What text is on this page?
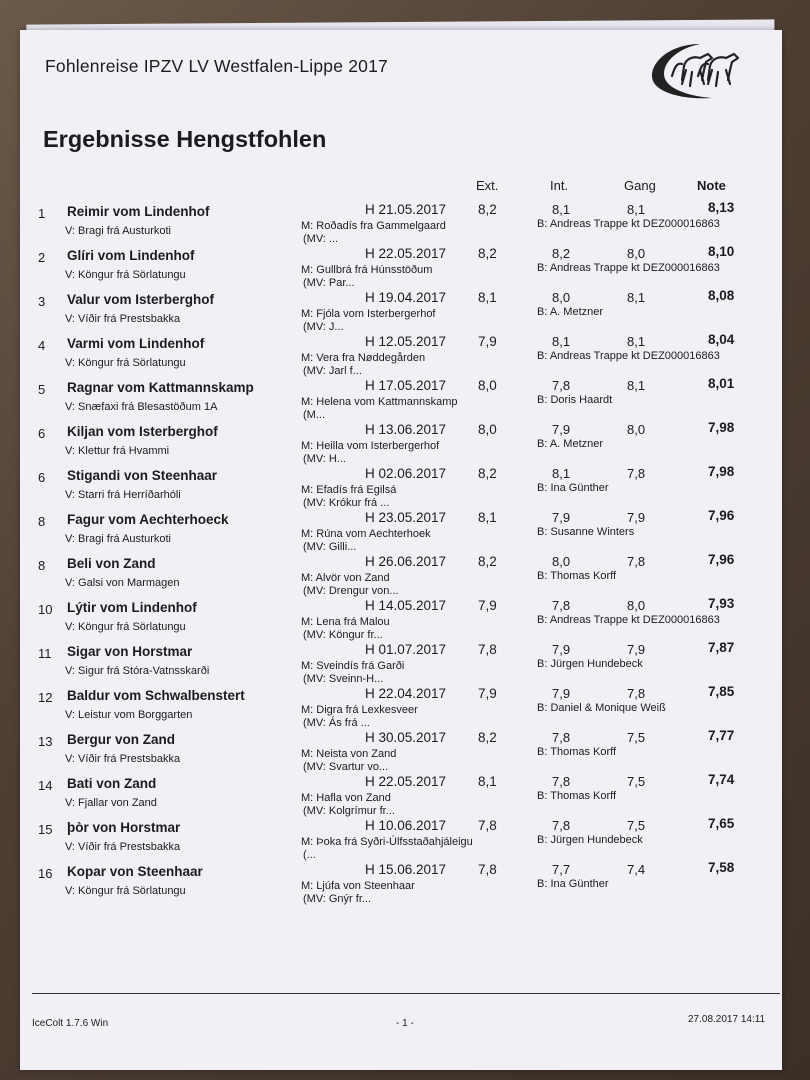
Fohlenreise IPZV LV Westfalen-Lippe 2017
Ergebnisse Hengstfohlen
Ext.	Int.	Gang	Note
1 Reimir vom Lindenhof
V: Bragi frá Austurkoti	M: Roðadís fra Gammelgaard
(MV: ...
H 21.05.2017 8,2	8,1	8,1	8,13
B: Andreas Trappe kt DEZ000016863
2 Glíri vom Lindenhof
V: Köngur frá Sörlatungu	M: Gullbrá frá Húnsstöðum
(MV: Par...
H 22.05.2017 8,2	8,2	8,0	8,10
B: Andreas Trappe kt DEZ000016863
3 Valur vom Isterberghof
V: Víðir frá Prestsbakka	M: Fjóla vom Isterbergerhof
(MV: J...
H 19.04.2017 8,1	8,0	8,1	8,08
B: A. Metzner
4 Varmi vom Lindenhof
V: Köngur frá Sörlatungu	M: Vera fra Nøddegården
(MV: Jarl f...
H 12.05.2017 7,9	8,1	8,1	8,04
B: Andreas Trappe kt DEZ000016863
5 Ragnar vom Kattmannskamp
V: Snæfaxi frá Blesastöðum 1A	M: Helena vom Kattmannskamp
(M...
H 17.05.2017 8,0	7,8	8,1	8,01
B: Doris Haardt
6 Kiljan vom Isterberghof
V: Klettur frá Hvammi	M: Heilla vom Isterbergerhof
(MV: H...
H 13.06.2017 8,0	7,9	8,0	7,98
B: A. Metzner
6 Stigandi von Steenhaar
V: Starri frá Herríðarhóli	M: Efadís frá Egilsá
(MV: Krókur frá ...
H 02.06.2017 8,2	8,1	7,8	7,98
B: Ina Günther
8 Fagur vom Aechterhoeck
V: Bragi frá Austurkoti	M: Rúna vom Aechterhoek
(MV: Gilli...
H 23.05.2017 8,1	7,9	7,9	7,96
B: Susanne Winters
8 Beli von Zand
V: Galsi von Marmagen	M: Alvör von Zand
(MV: Drengur von...
H 26.06.2017 8,2	8,0	7,8	7,96
B: Thomas Korff
10 Lýtir vom Lindenhof
V: Köngur frá Sörlatungu	M: Lena frá Malou
(MV: Köngur fr...
H 14.05.2017 7,9	7,8	8,0	7,93
B: Andreas Trappe kt DEZ000016863
11 Sigar von Horstmar
V: Sigur frá Stóra-Vatnsskarði	M: Sveindís frá Garði
(MV: Sveinn-H...
H 01.07.2017 7,8	7,9	7,9	7,87
B: Jürgen Hundebeck
12 Baldur vom Schwalbenstert
V: Leistur vom Borggarten	M: Digra frá Lexkesveer
(MV: Ás frá ...
H 22.04.2017 7,9	7,9	7,8	7,85
B: Daniel & Monique Weiß
13 Bergur von Zand
V: Víðir frá Prestsbakka	M: Neista von Zand
(MV: Svartur vo...
H 30.05.2017 8,2	7,8	7,5	7,77
B: Thomas Korff
14 Bati von Zand
V: Fjallar von Zand	M: Hafla von Zand
(MV: Kolgrímur fr...
H 22.05.2017 8,1	7,8	7,5	7,74
B: Thomas Korff
15 þòr von Horstmar
V: Víðir frá Prestsbakka	M: Þoka frá Syðri-Úlfsstaðahjáleigu
(...
H 10.06.2017 7,8	7,8	7,5	7,65
B: Jürgen Hundebeck
16 Kopar von Steenhaar
V: Köngur frá Sörlatungu	M: Ljúfa von Steenhaar
(MV: Gnýr fr...
H 15.06.2017 7,8	7,7	7,4	7,58
B: Ina Günther
IceColt 1.7.6 Win	- 1 -	27.08.2017 14:11
